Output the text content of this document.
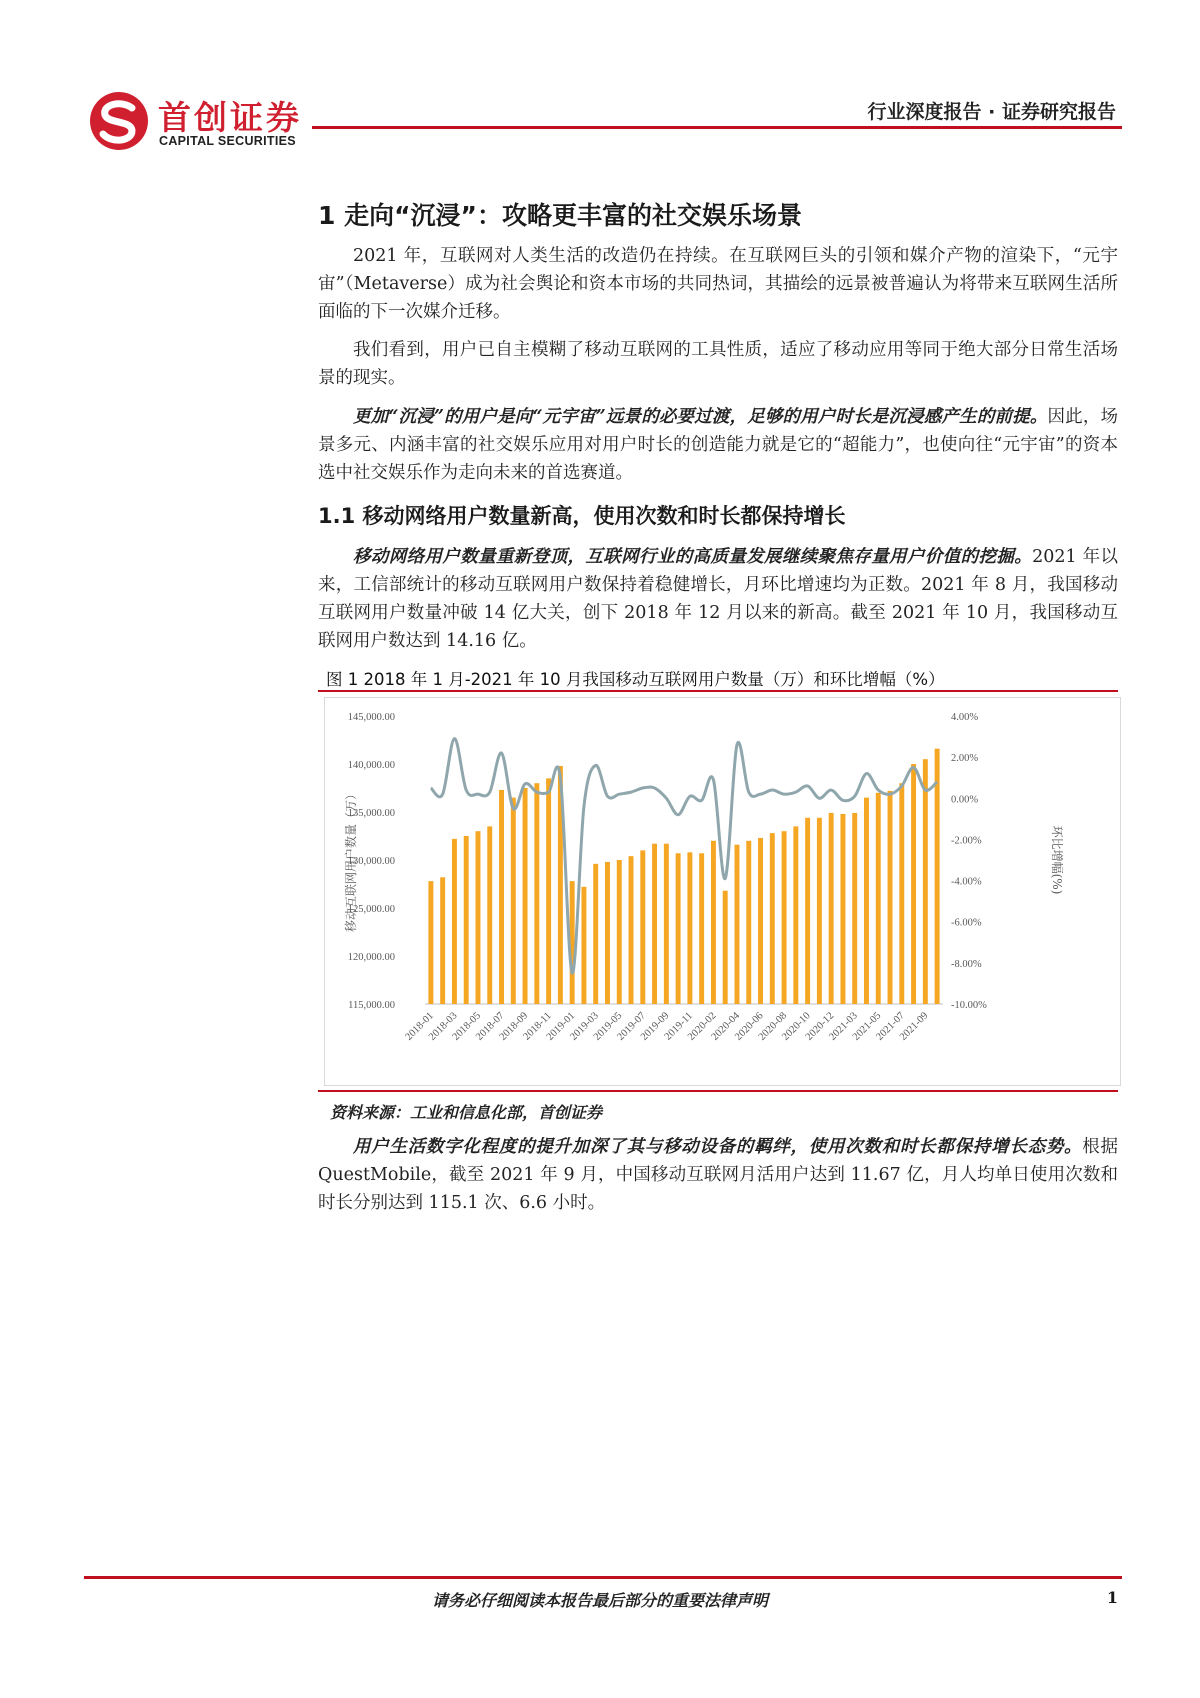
首创证券
CAPITAL SECURITIES
行业深度报告 · 证券研究报告
1 走向“沉浸”：攻略更丰富的社交娱乐场景
2021 年，互联网对人类生活的改造仍在持续。在互联网巨头的引领和媒介产物的渲染下，“元宇宙”（Metaverse）成为社会舆论和资本市场的共同热词，其描绘的远景被普遍认为将带来互联网生活所面临的下一次媒介迁移。
我们看到，用户已自主模糊了移动互联网的工具性质，适应了移动应用等同于绝大部分日常生活场景的现实。
更加“沉浸”的用户是向“元宇宙”远景的必要过渡，足够的用户时长是沉浸感产生的前提。因此，场景多元、内涵丰富的社交娱乐应用对用户时长的创造能力就是它的“超能力”，也使向往“元宇宙”的资本选中社交娱乐作为走向未来的首选赛道。
1.1 移动网络用户数量新高，使用次数和时长都保持增长
移动网络用户数量重新登顶，互联网行业的高质量发展继续聚焦存量用户价值的挖掘。2021 年以来，工信部统计的移动互联网用户数保持着稳健增长，月环比增速均为正数。2021 年 8 月，我国移动互联网用户数量冲破 14 亿大关，创下 2018 年 12 月以来的新高。截至 2021 年 10 月，我国移动互联网用户数达到 14.16 亿。
图 1 2018 年 1 月-2021 年 10 月我国移动互联网用户数量（万）和环比增幅（%）
145,000.00
140,000.00
135,000.00
130,000.00
125,000.00
120,000.00
115,000.00
4.00%
2.00%
0.00%
-2.00%
-4.00%
-6.00%
-8.00%
-10.00%
移动互联网用户数量（万）	环比增幅(%)
2018-01
2018-03
2018-05
2018-07
2018-09
2018-11
2019-01
2019-03
2019-05
2019-07
2019-09
2019-11
2020-02
2020-04
2020-06
2020-08
2020-10
2020-12
2021-03
2021-05
2021-07
2021-09
资料来源：工业和信息化部，首创证券
用户生活数字化程度的提升加深了其与移动设备的羁绊，使用次数和时长都保持增长态势。根据 QuestMobile，截至 2021 年 9 月，中国移动互联网月活用户达到 11.67 亿，月人均单日使用次数和时长分别达到 115.1 次、6.6 小时。
请务必仔细阅读本报告最后部分的重要法律声明	1
